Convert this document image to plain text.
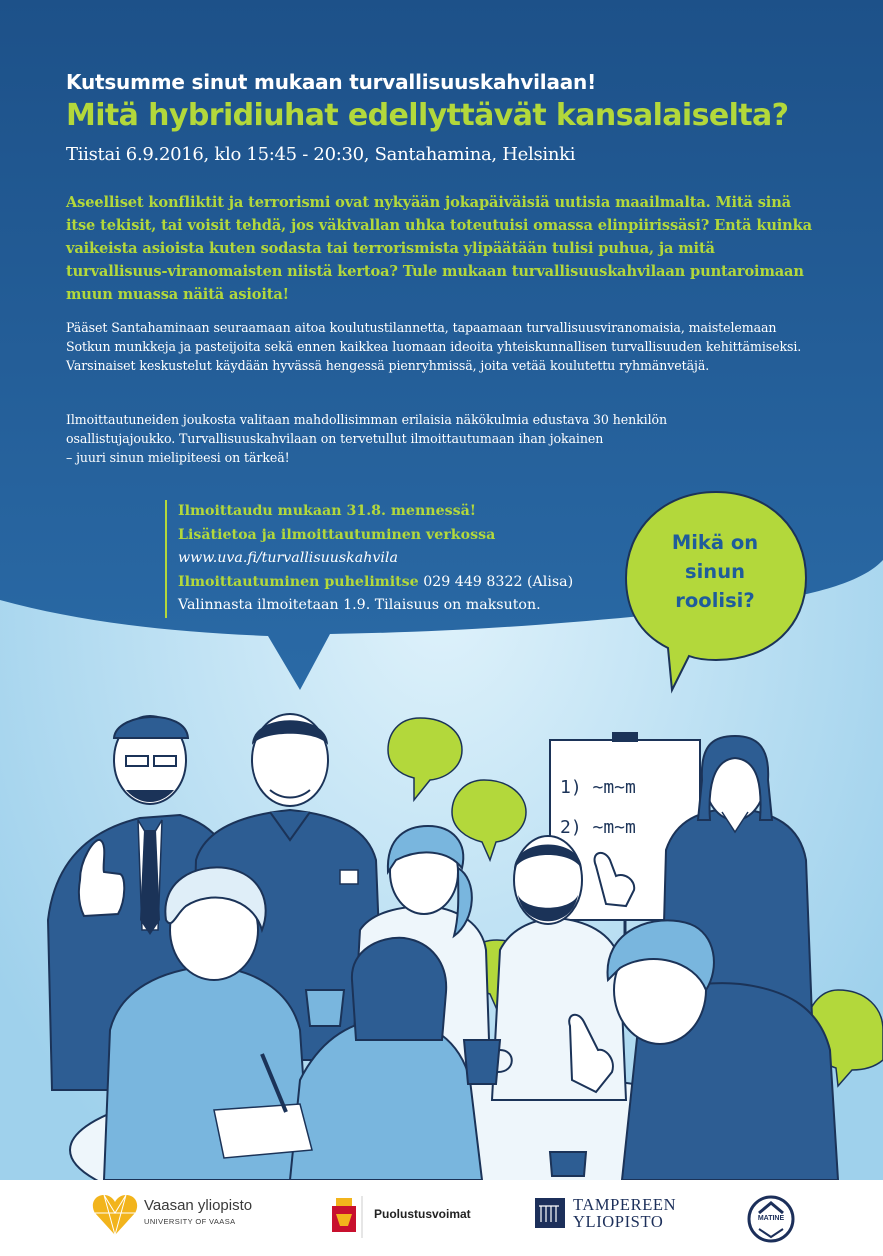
Kutsumme sinut mukaan turvallisuuskahvilaan!
Mitä hybridiuhat edellyttävät kansalaiselta?
Tiistai 6.9.2016, klo 15:45 - 20:30, Santahamina, Helsinki

Aseelliset konfliktit ja terrorismi ovat nykyään jokapäiväisiä uutisia maailmalta. Mitä sinä itse tekisit, tai voisit tehdä, jos väkivallan uhka toteutuisi omassa elinpiirissäsi? Entä kuinka vaikeista asioista kuten sodasta tai terrorismista ylipäätään tulisi puhua, ja mitä turvallisuus-viranomaisten niistä kertoa? Tule mukaan turvallisuuskahvilaan puntaroimaan muun muassa näitä asioita!

Pääset Santahaminaan seuraamaan aitoa koulutustilannetta, tapaamaan turvallisuusviranomaisia, maistelemaan Sotkun munkkeja ja pasteijoita sekä ennen kaikkea luomaan ideoita yhteiskunnallisen turvallisuuden kehittämiseksi. Varsinaiset keskustelut käydään hyvässä hengessä pienryhmissä, joita vetää koulutettu ryhmänvetäjä.

Ilmoittautuneiden joukosta valitaan mahdollisimman erilaisia näkökulmia edustava 30 henkilön

osallistujajoukko. Turvallisuuskahvilaan on tervetullut ilmoittautumaan ihan jokainen

– juuri sinun mielipiteesi on tärkeä!

Ilmoittaudu mukaan 31.8. mennessä!
Lisätietoa ja ilmoittautuminen verkossa
www.uva.fi/turvallisuuskahvila
Ilmoittautuminen puhelimitse 029 449 8322 (Alisa)
Valinnasta ilmoitetaan 1.9. Tilaisuus on maksuton.
Mikä on
sinun
roolisi?
1) ~m~m
2) ~m~m
Vaasan yliopisto
UNIVERSITY OF VAASA
Puolustusvoimat	TAMPEREEN
YLIOPISTO	MATINE
